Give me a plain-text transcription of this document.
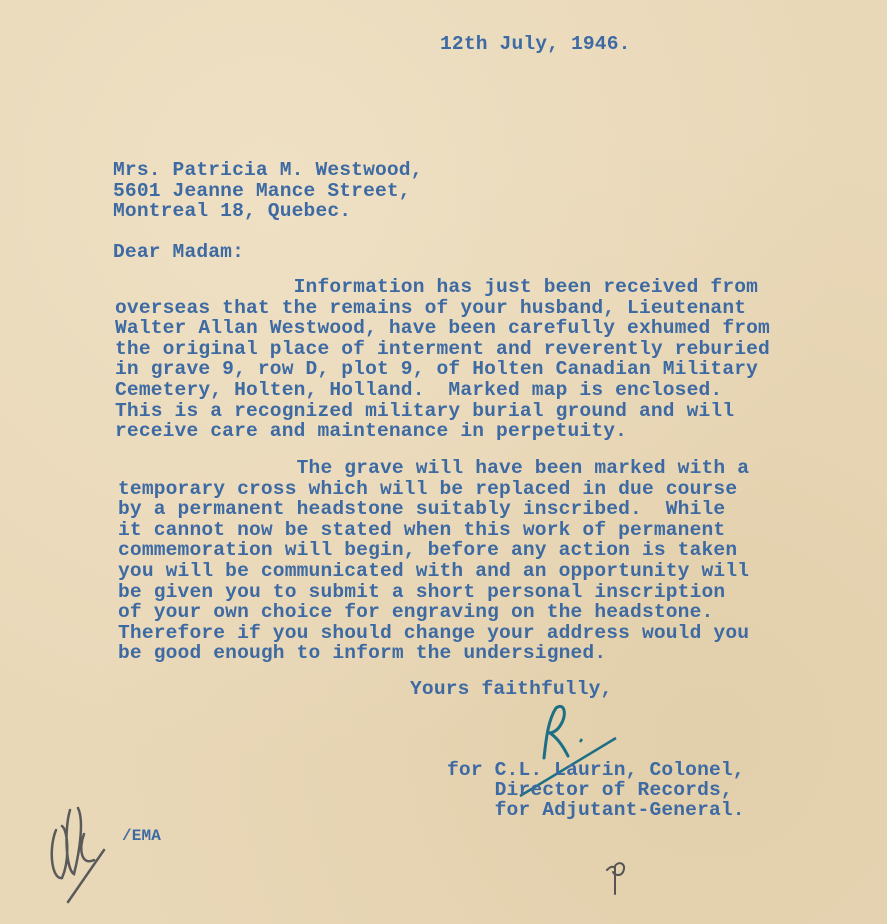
12th July, 1946.
Mrs. Patricia M. Westwood,
5601 Jeanne Mance Street,
Montreal 18, Quebec.
Dear Madam:
Information has just been received from
overseas that the remains of your husband, Lieutenant
Walter Allan Westwood, have been carefully exhumed from
the original place of interment and reverently reburied
in grave 9, row D, plot 9, of Holten Canadian Military
Cemetery, Holten, Holland.  Marked map is enclosed.
This is a recognized military burial ground and will
receive care and maintenance in perpetuity.
The grave will have been marked with a
temporary cross which will be replaced in due course
by a permanent headstone suitably inscribed.  While
it cannot now be stated when this work of permanent
commemoration will begin, before any action is taken
you will be communicated with and an opportunity will
be given you to submit a short personal inscription
of your own choice for engraving on the headstone.
Therefore if you should change your address would you
be good enough to inform the undersigned.
Yours faithfully,
for C.L. Laurin, Colonel,
Director of Records,
for Adjutant-General.
/EMA
